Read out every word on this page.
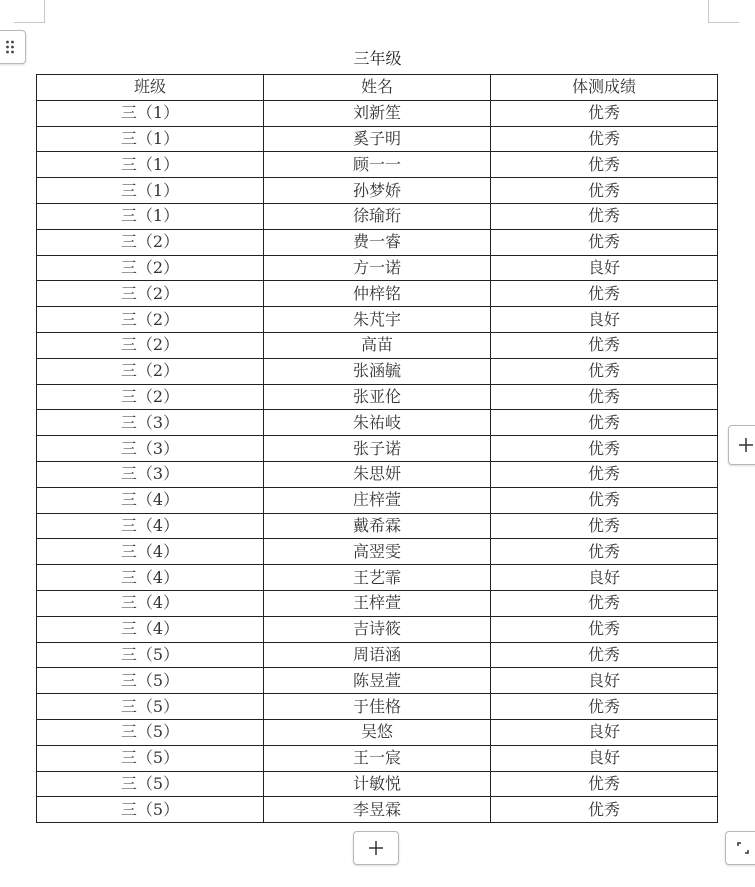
三年级
班级	姓名	体测成绩
三（1）	刘新笙	优秀
三（1）	奚子明	优秀
三（1）	顾一一	优秀
三（1）	孙梦娇	优秀
三（1）	徐瑜珩	优秀
三（2）	费一睿	优秀
三（2）	方一诺	良好
三（2）	仲梓铭	优秀
三（2）	朱芃宇	良好
三（2）	高苗	优秀
三（2）	张涵毓	优秀
三（2）	张亚伦	优秀
三（3）	朱祐岐	优秀
三（3）	张子诺	优秀
三（3）	朱思妍	优秀
三（4）	庄梓萱	优秀
三（4）	戴希霖	优秀
三（4）	高翌雯	优秀
三（4）	王艺霏	良好
三（4）	王梓萱	优秀
三（4）	吉诗筱	优秀
三（5）	周语涵	优秀
三（5）	陈昱萱	良好
三（5）	于佳格	优秀
三（5）	吴悠	良好
三（5）	王一宸	良好
三（5）	计敏悦	优秀
三（5）	李昱霖	优秀
